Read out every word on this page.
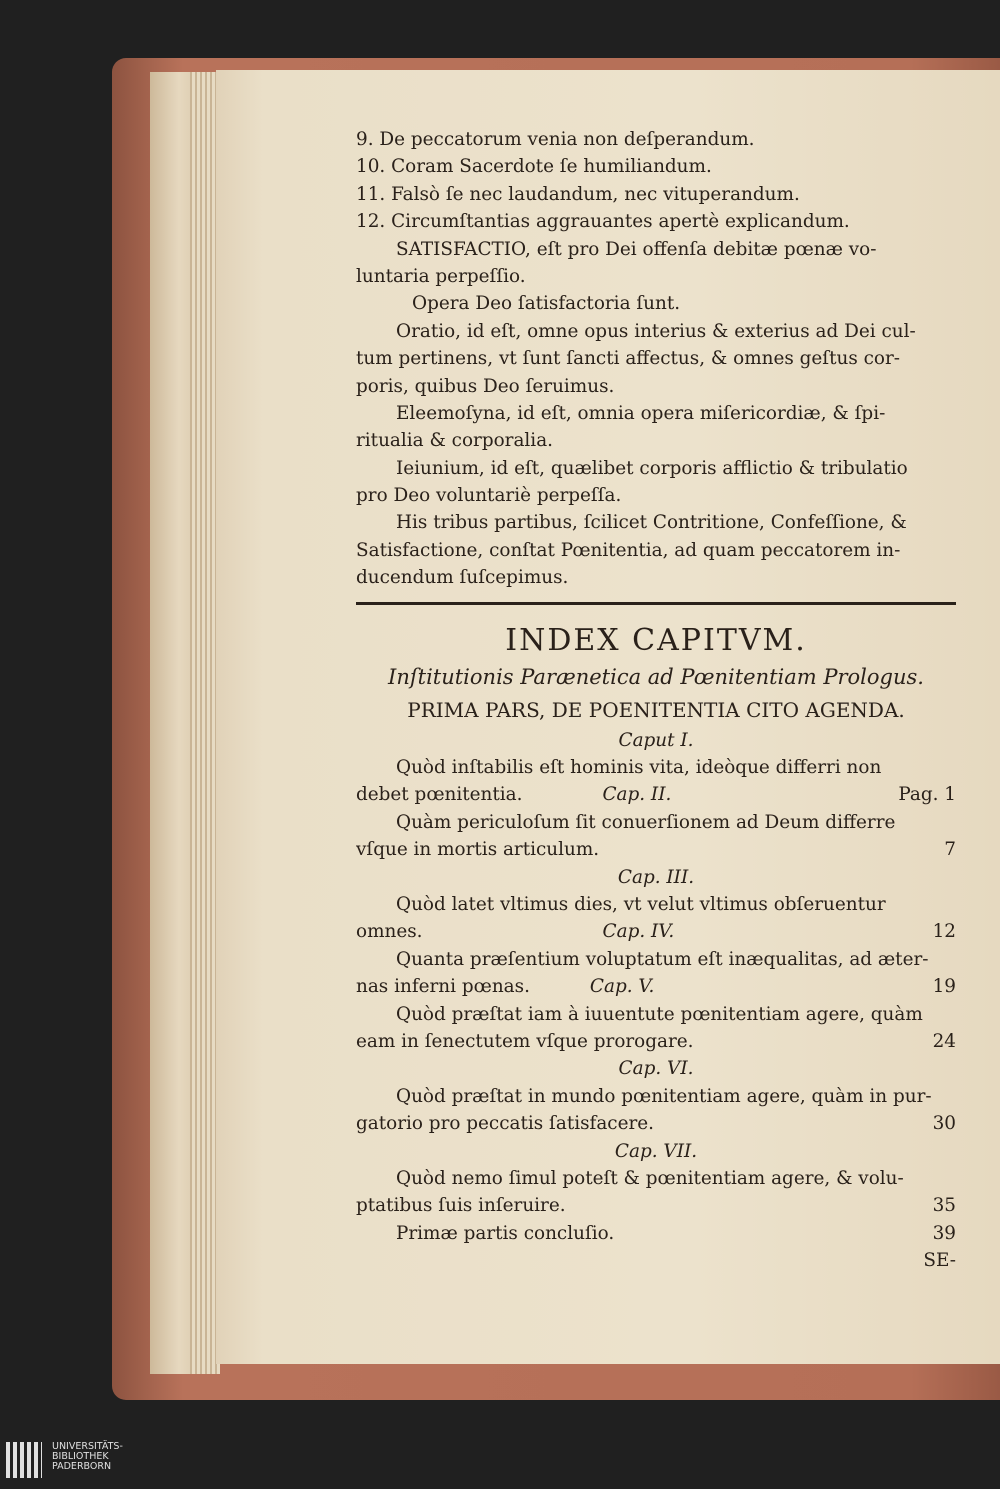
9. De peccatorum venia non deſperandum.
10. Coram Sacerdote ſe humiliandum.
11. Falsò ſe nec laudandum, nec vituperandum.
12. Circumſtantias aggrauantes apertè explicandum.
SATISFACTIO, eſt pro Dei offenſa debitæ pœnæ vo-
luntaria perpeſſio.
Opera Deo ſatisfactoria ſunt.
Oratio, id eſt, omne opus interius & exterius ad Dei cul-
tum pertinens, vt ſunt ſancti affectus, & omnes geſtus cor-
poris, quibus Deo ſeruimus.
Eleemoſyna, id eſt, omnia opera miſericordiæ, & ſpi-
ritualia & corporalia.
Ieiunium, id eſt, quælibet corporis afflictio & tribulatio
pro Deo voluntariè perpeſſa.
His tribus partibus, ſcilicet Contritione, Confeſſione, &
Satisfactione, conſtat Pœnitentia, ad quam peccatorem in-
ducendum ſuſcepimus.
INDEX CAPITVM.
Inſtitutionis Parænetica ad Pœnitentiam Prologus.
PRIMA PARS, DE POENITENTIA CITO AGENDA.
Caput I.
Quòd inſtabilis eſt hominis vita, ideòque differri non
debet pœnitentia.	Cap. II.	Pag. 1
Quàm periculoſum ſit conuerſionem ad Deum differre
vſque in mortis articulum.	7
Cap. III.
Quòd latet vltimus dies, vt velut vltimus obſeruentur
omnes.	Cap. IV.	12
Quanta præſentium voluptatum eſt inæqualitas, ad æter-
nas inferni pœnas.	Cap. V.	19
Quòd præſtat iam à iuuentute pœnitentiam agere, quàm
eam in ſenectutem vſque prorogare.	24
Cap. VI.
Quòd præſtat in mundo pœnitentiam agere, quàm in pur-
gatorio pro peccatis ſatisfacere.	30
Cap. VII.
Quòd nemo ſimul poteſt & pœnitentiam agere, & volu-
ptatibus ſuis inſeruire.	35
Primæ partis concluſio.	39
SE-
UNIVERSITÄTS-
BIBLIOTHEK
PADERBORN
